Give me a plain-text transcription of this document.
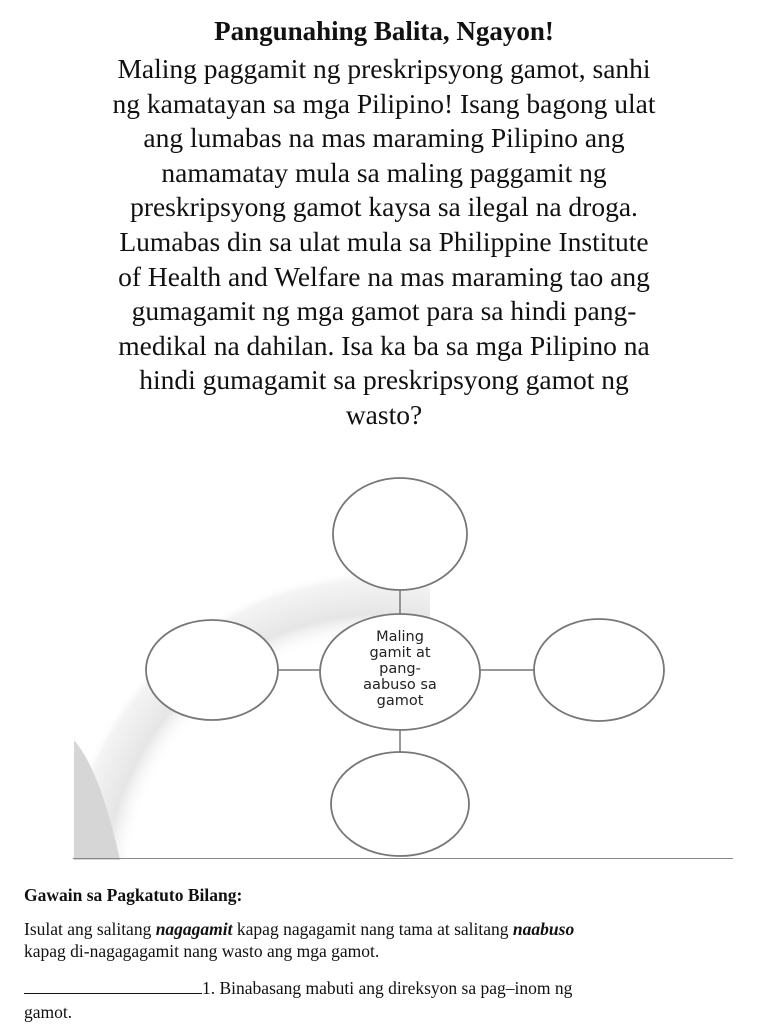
Pangunahing Balita, Ngayon!
Maling paggamit ng preskripsyong gamot, sanhi
ng kamatayan sa mga Pilipino! Isang bagong ulat
ang lumabas na mas maraming Pilipino ang
namamatay mula sa maling paggamit ng
preskripsyong gamot kaysa sa ilegal na droga.
Lumabas din sa ulat mula sa Philippine Institute
of Health and Welfare na mas maraming tao ang
gumagamit ng mga gamot para sa hindi pang-
medikal na dahilan. Isa ka ba sa mga Pilipino na
hindi gumagamit sa preskripsyong gamot ng
wasto?
Maling
gamit at
pang-
aabuso sa
gamot
Gawain sa Pagkatuto Bilang:
Isulat ang salitang nagagamit kapag nagagamit nang tama at salitang naabuso
kapag di-nagagagamit nang wasto ang mga gamot.
1. Binabasang mabuti ang direksyon sa pag–inom ng
gamot.
